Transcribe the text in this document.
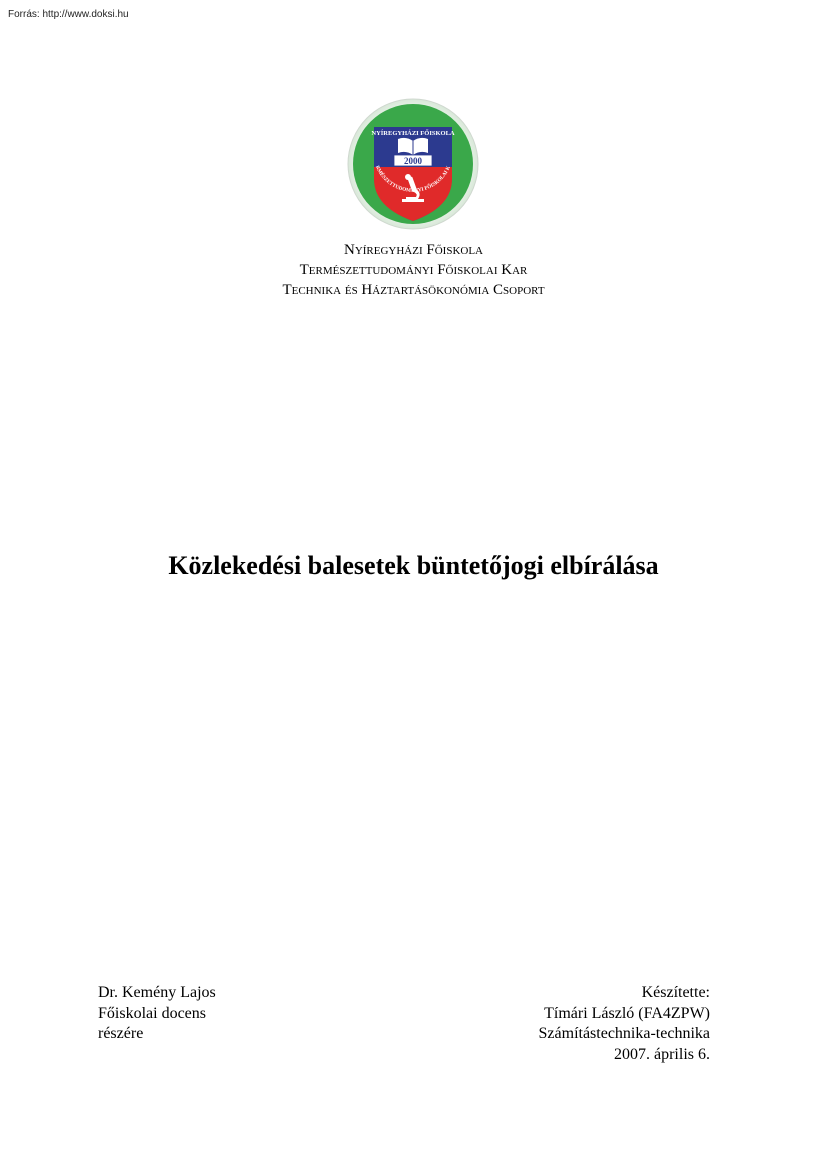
Forrás: http://www.doksi.hu
2000
NYÍREGYHÁZI FŐISKOLA
RMÉSZETTUDOMÁNYI FŐISKOLAI K
Nyíregyházi Főiskola
Természettudományi Főiskolai Kar
Technika és Háztartásökonómia Csoport
Közlekedési balesetek büntetőjogi elbírálása
Dr. Kemény Lajos
Főiskolai docens
részére
Készítette:
Tímári László (FA4ZPW)
Számítástechnika-technika
2007. április 6.
